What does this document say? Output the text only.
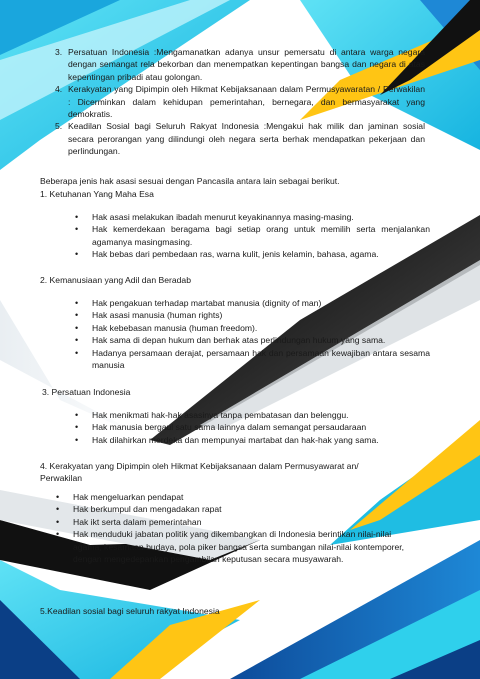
3. Persatuan Indonesia :Mengamanatkan adanya unsur pemersatu di antara warga negara dengan semangat rela bekorban dan menempatkan kepentingan bangsa dan negara di atas kepentingan pribadi atau golongan.
4. Kerakyatan yang Dipimpin oleh Hikmat Kebijaksanaan dalam Permusyawaratan / Perwakilan : Dicerminkan dalam kehidupan pemerintahan, bernegara, dan bermasyarakat yang demokratis.
5. Keadilan Sosial bagi Seluruh Rakyat Indonesia :Mengakui hak milik dan jaminan sosial secara perorangan yang dilindungi oleh negara serta berhak mendapatkan pekerjaan dan perlindungan.

Beberapa jenis hak asasi sesuai dengan Pancasila antara lain sebagai berikut.

1. Ketuhanan Yang Maha Esa

•	Hak asasi melakukan ibadah menurut keyakinannya masing-masing.
•	Hak kemerdekaan beragama bagi setiap orang untuk memilih serta menjalankan agamanya masingmasing.
•	Hak bebas dari pembedaan ras, warna kulit, jenis kelamin, bahasa, agama.

2. Kemanusiaan yang Adil dan Beradab

•	Hak pengakuan terhadap martabat manusia (dignity of man)
•	Hak asasi manusia (human rights)
•	Hak kebebasan manusia (human freedom).
•	Hak sama di depan hukum dan berhak atas perlindungan hukum yang sama.
•	Hadanya persamaan derajat, persamaan hak dan persamaan kewajiban antara sesama manusia

3. Persatuan Indonesia

•	Hak menikmati hak-hak asasinya tanpa pembatasan dan belenggu.
•	Hak manusia bergaul satu sama lainnya dalam semangat persaudaraan
•	Hak dilahirkan merdeka dan mempunyai martabat dan hak-hak yang sama.

4. Kerakyatan yang Dipimpin oleh Hikmat Kebijaksanaan dalam Permusyawarat an/ Perwakilan

•	Hak mengeluarkan pendapat
•	Hak berkumpul dan mengadakan rapat
•	Hak ikt serta dalam pemerintahan
•	Hak menduduki jabatan politik yang dikembangkan di Indonesia berintikan nilai-nilai agama, kesamaan budaya, pola piker bangsa serta sumbangan nilai-nilai kontemporer, dengan mengedepankan pengambilan keputusan secara musyawarah.

5.Keadilan sosial bagi seluruh rakyat Indonesia
